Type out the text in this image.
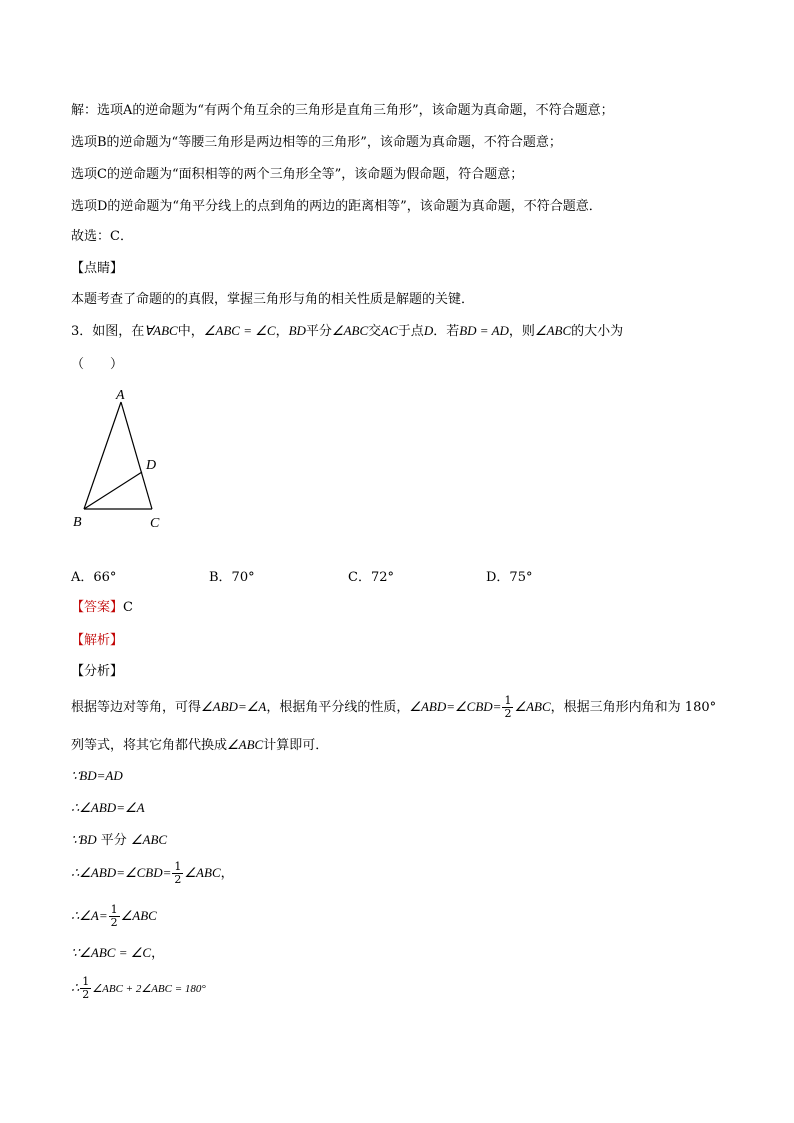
解：选项A的逆命题为“有两个角互余的三角形是直角三角形”，该命题为真命题，不符合题意；
选项B的逆命题为“等腰三角形是两边相等的三角形”，该命题为真命题，不符合题意；
选项C的逆命题为“面积相等的两个三角形全等”，该命题为假命题，符合题意；
选项D的逆命题为“角平分线上的点到角的两边的距离相等”，该命题为真命题，不符合题意．
故选：C．
【点睛】
本题考查了命题的的真假，掌握三角形与角的相关性质是解题的关键．
3．如图，在∀ABC中，∠ABC = ∠C，BD平分∠ABC交AC于点D．若BD = AD，则∠ABC的大小为
（　　）
A
B	C
D
A．66°	B．70°	C．72°	D．75°
【答案】C
【解析】
【分析】
根据等边对等角，可得∠ABD=∠A，根据角平分线的性质，∠ABD=∠CBD= $\frac{1}{2}$ ∠ABC，根据三角形内角和为 180°
列等式，将其它角都代换成∠ABC计算即可．
∵BD=AD
∴∠ABD=∠A
∵BD 平分 ∠ABC
∴∠ABD=∠CBD= $\frac{1}{2}$ ∠ABC，
∴∠A= $\frac{1}{2}$ ∠ABC
∵∠ABC = ∠C，
∴ $\frac{1}{2}$ ∠ABC + 2∠ABC = 180°
